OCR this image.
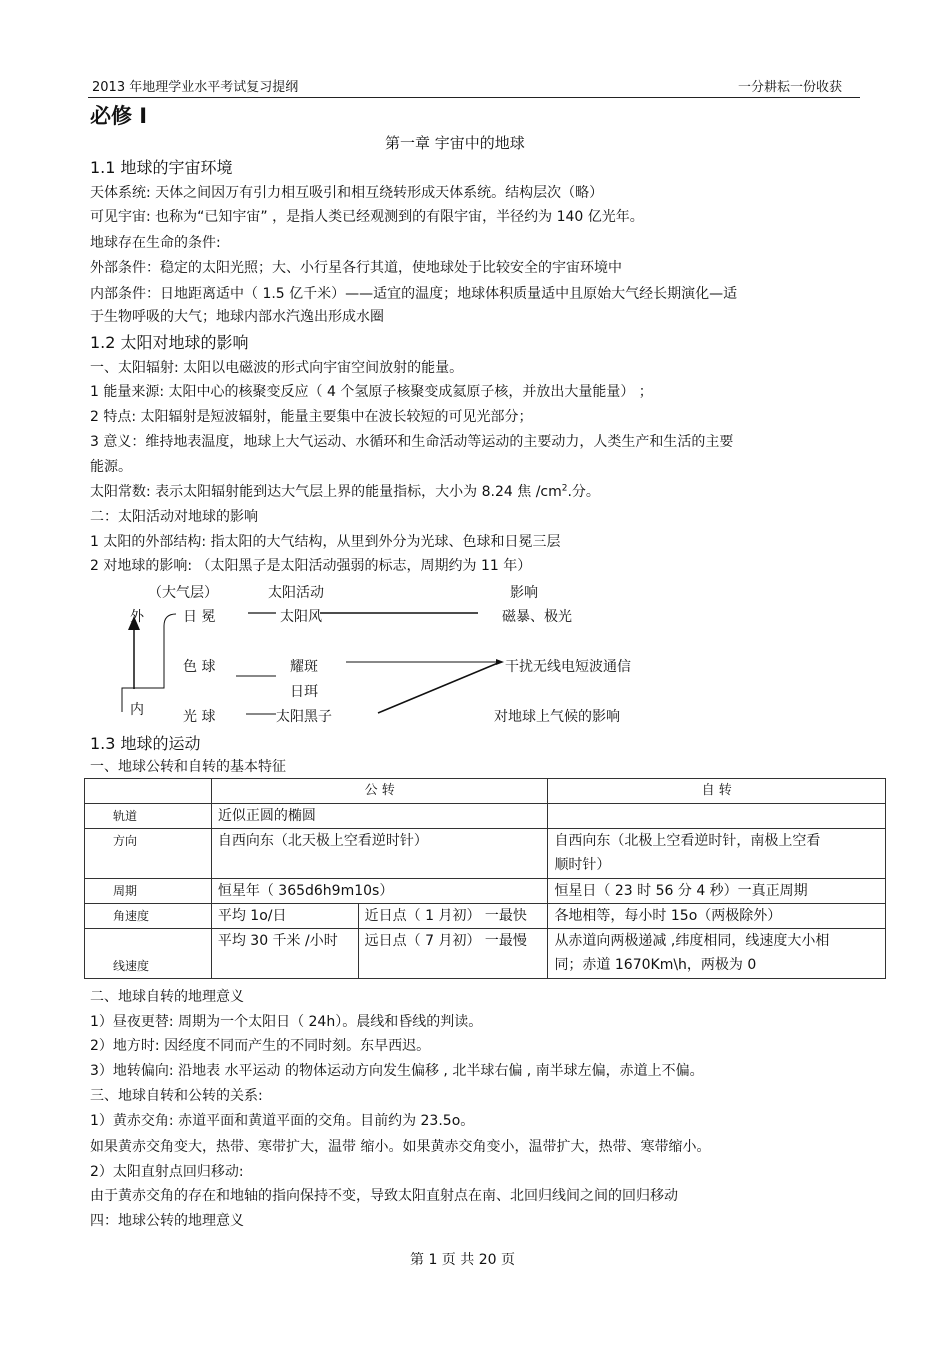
2013 年地理学业水平考试复习提纲	一分耕耘一份收获
必修 Ⅰ
第一章 宇宙中的地球
1.1 地球的宇宙环境
天体系统: 天体之间因万有引力相互吸引和相互绕转形成天体系统。结构层次（略）
可见宇宙: 也称为“已知宇宙” ，是指人类已经观测到的有限宇宙，半径约为 140 亿光年。
地球存在生命的条件:
外部条件：稳定的太阳光照；大、小行星各行其道，使地球处于比较安全的宇宙环境中
内部条件：日地距离适中（ 1.5 亿千米）——适宜的温度；地球体积质量适中且原始大气经长期演化—适
于生物呼吸的大气；地球内部水汽逸出形成水圈
1.2 太阳对地球的影响
一、太阳辐射: 太阳以电磁波的形式向宇宙空间放射的能量。
1 能量来源: 太阳中心的核聚变反应（ 4 个氢原子核聚变成氦原子核，并放出大量能量） ；
2 特点: 太阳辐射是短波辐射，能量主要集中在波长较短的可见光部分；
3 意义：维持地表温度，地球上大气运动、水循环和生命活动等运动的主要动力，人类生产和生活的主要
能源。
太阳常数: 表示太阳辐射能到达大气层上界的能量指标，大小为 8.24 焦 $/cm^2$.分。
二：太阳活动对地球的影响
1 太阳的外部结构: 指太阳的大气结构，从里到外分为光球、色球和日冕三层
2 对地球的影响: （太阳黑子是太阳活动强弱的标志，周期约为 11 年）
（大气层）	太阳活动	影响
外	日 冕	太阳风	磁暴、极光
色 球	耀斑	干扰无线电短波通信
日珥
内	光 球	太阳黑子	对地球上气候的影响
1.3 地球的运动
一、地球公转和自转的基本特征
	公 转		自 转
轨道	近似正圆的椭圆		
方向	自西向东（北天极上空看逆时针）		自西向东（北极上空看逆时针，南极上空看
顺时针）

周期	恒星年（ 365d6h9m10s）		恒星日（ 23 时 56 分 4 秒）一真正周期
角速度	平均 1o/日	近日点（ 1 月初） 一最快	各地相等，每小时 15o（两极除外）
线速度	平均 30 千米 /小时	远日点（ 7 月初） 一最慢	从赤道向两极递减 ,纬度相同，线速度大小相
同；赤道 1670Km\h，两极为 0
二、地球自转的地理意义
1）昼夜更替: 周期为一个太阳日（ 24h）。晨线和昏线的判读。
2）地方时: 因经度不同而产生的不同时刻。东早西迟。
3）地转偏向: 沿地表 水平运动 的物体运动方向发生偏移 , 北半球右偏 , 南半球左偏，赤道上不偏。
三、地球自转和公转的关系:
1）黄赤交角: 赤道平面和黄道平面的交角。目前约为 23.5o。
如果黄赤交角变大，热带、寒带扩大，温带 缩小。如果黄赤交角变小，温带扩大，热带、寒带缩小。
2）太阳直射点回归移动:
由于黄赤交角的存在和地轴的指向保持不变，导致太阳直射点在南、北回归线间之间的回归移动
四：地球公转的地理意义
第 1 页 共 20 页
